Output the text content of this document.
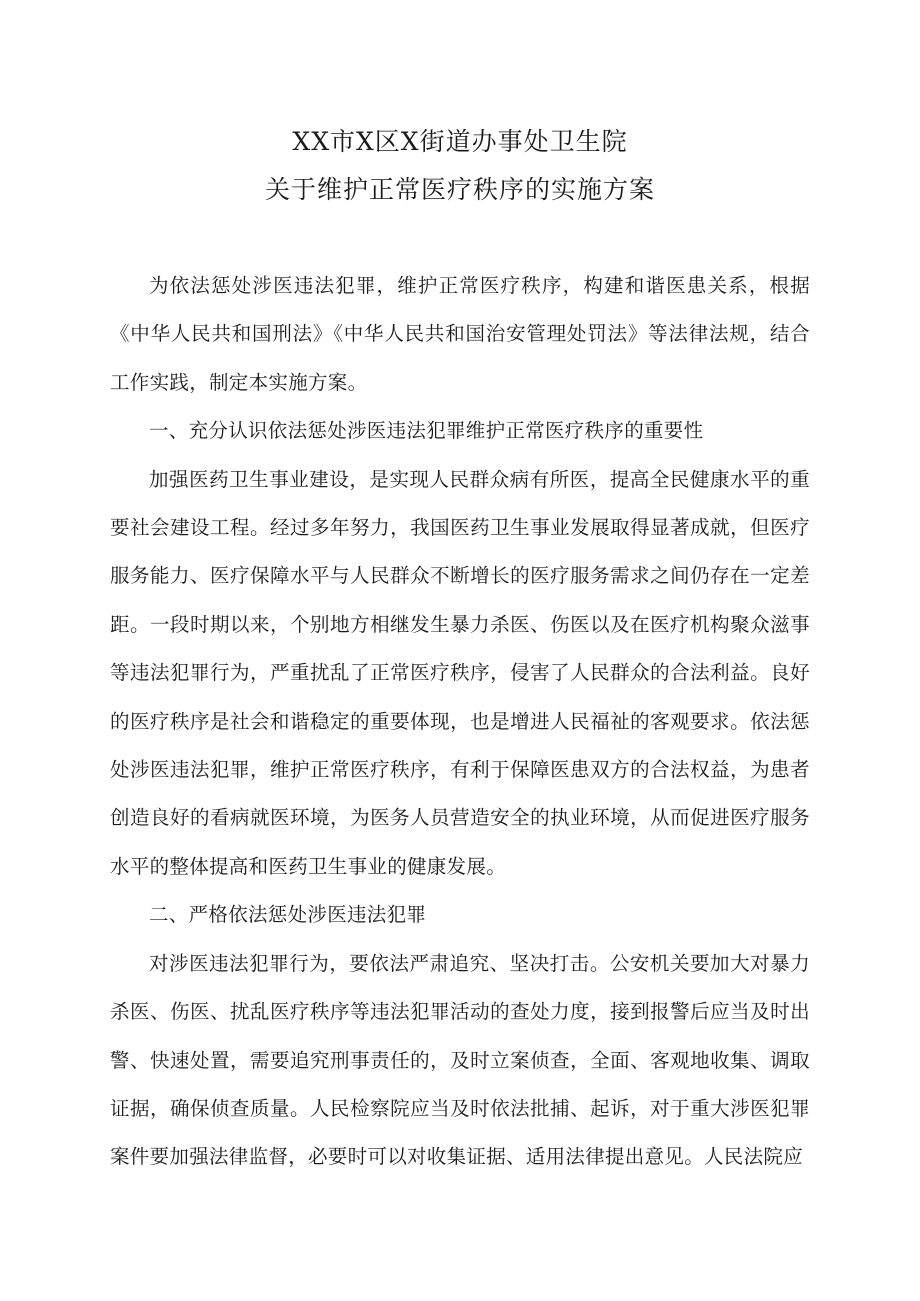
XX市X区X街道办事处卫生院
关于维护正常医疗秩序的实施方案

为依法惩处涉医违法犯罪，维护正常医疗秩序，构建和谐医患关系，根据《中华人民共和国刑法》《中华人民共和国治安管理处罚法》等法律法规，结合工作实践，制定本实施方案。

一、充分认识依法惩处涉医违法犯罪维护正常医疗秩序的重要性

加强医药卫生事业建设，是实现人民群众病有所医，提高全民健康水平的重要社会建设工程。经过多年努力，我国医药卫生事业发展取得显著成就，但医疗服务能力、医疗保障水平与人民群众不断增长的医疗服务需求之间仍存在一定差距。一段时期以来，个别地方相继发生暴力杀医、伤医以及在医疗机构聚众滋事等违法犯罪行为，严重扰乱了正常医疗秩序，侵害了人民群众的合法利益。良好的医疗秩序是社会和谐稳定的重要体现，也是增进人民福祉的客观要求。依法惩处涉医违法犯罪，维护正常医疗秩序，有利于保障医患双方的合法权益，为患者创造良好的看病就医环境，为医务人员营造安全的执业环境，从而促进医疗服务水平的整体提高和医药卫生事业的健康发展。

二、严格依法惩处涉医违法犯罪

对涉医违法犯罪行为，要依法严肃追究、坚决打击。公安机关要加大对暴力杀医、伤医、扰乱医疗秩序等违法犯罪活动的查处力度，接到报警后应当及时出警、快速处置，需要追究刑事责任的，及时立案侦查，全面、客观地收集、调取证据，确保侦查质量。人民检察院应当及时依法批捕、起诉，对于重大涉医犯罪案件要加强法律监督，必要时可以对收集证据、适用法律提出意见。人民法院应
